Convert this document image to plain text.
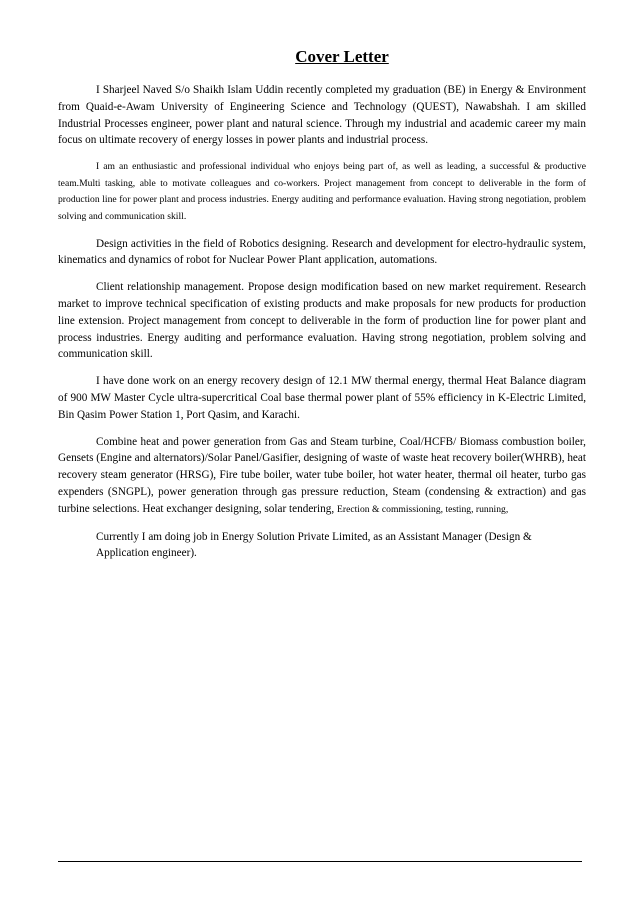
Cover Letter

I Sharjeel Naved S/o Shaikh Islam Uddin recently completed my graduation (BE) in Energy & Environment from Quaid-e-Awam University of Engineering Science and Technology (QUEST), Nawabshah. I am skilled Industrial Processes engineer, power plant and natural science. Through my industrial and academic career my main focus on ultimate recovery of energy losses in power plants and industrial process.

I am an enthusiastic and professional individual who enjoys being part of, as well as leading, a successful & productive team.Multi tasking, able to motivate colleagues and co-workers. Project management from concept to deliverable in the form of production line for power plant and process industries. Energy auditing and performance evaluation. Having strong negotiation, problem solving and communication skill.

Design activities in the field of Robotics designing. Research and development for electro-hydraulic system, kinematics and dynamics of robot for Nuclear Power Plant application, automations.

Client relationship management. Propose design modification based on new market requirement. Research market to improve technical specification of existing products and make proposals for new products for production line extension. Project management from concept to deliverable in the form of production line for power plant and process industries. Energy auditing and performance evaluation. Having strong negotiation, problem solving and communication skill.

I have done work on an energy recovery design of 12.1 MW thermal energy, thermal Heat Balance diagram of 900 MW Master Cycle ultra-supercritical Coal base thermal power plant of 55% efficiency in K-Electric Limited, Bin Qasim Power Station 1, Port Qasim, and Karachi.

Combine heat and power generation from Gas and Steam turbine, Coal/HCFB/ Biomass combustion boiler, Gensets (Engine and alternators)/Solar Panel/Gasifier, designing of waste of waste heat recovery boiler(WHRB), heat recovery steam generator (HRSG), Fire tube boiler, water tube boiler, hot water heater, thermal oil heater, turbo gas expenders (SNGPL), power generation through gas pressure reduction, Steam (condensing & extraction) and gas turbine selections. Heat exchanger designing, solar tendering, Erection & commissioning, testing, running,

Currently I am doing job in Energy Solution Private Limited, as an Assistant Manager (Design & Application engineer).
